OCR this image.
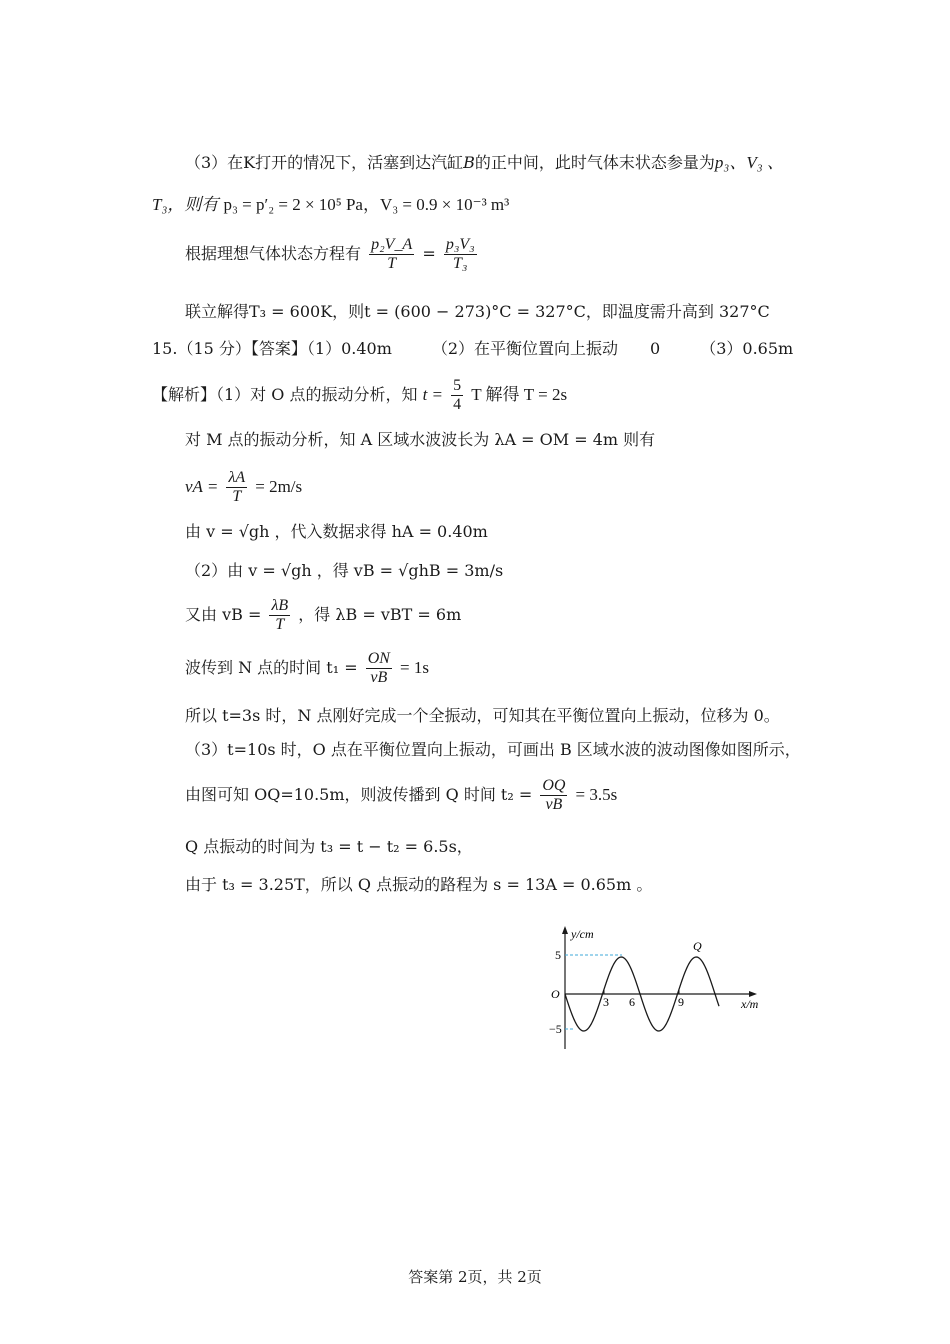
（3）在K打开的情况下，活塞到达汽缸B的正中间，此时气体末状态参量为p₃、V₃ 、
T₃，则有 p₃ = p′₂ = 2 × 10⁵ Pa，V₃ = 0.9 × 10⁻³ m³
根据理想气体状态方程有 $\frac{\text{p₂V\_A}}{T} = \frac{\text{p₃V₃}}{\text{T₃}}$
联立解得T₃ = 600K，则t = (600 − 273)°C = 327°C，即温度需升高到 327°C
15.（15 分）【答案】（1）0.40m　　　（2）在平衡位置向上振动　　0　　　（3）0.65m
【解析】（1）对 O 点的振动分析，知 $t = \frac{5}{4}$ T 解得 T = 2s
对 M 点的振动分析，知 A 区域水波波长为 λA = OM = 4m 则有
vA = $\frac{\lambda A}{T} = 2m/s$
由 v = √gh ，代入数据求得 hA = 0.40m
（2）由 v = √gh ，得 vB = √ghB = 3m/s
又由 vB = $\frac{\lambda B}{T}$ ，得 λB = vBT = 6m
波传到 N 点的时间 $t_1 = \frac{ON}{vB} = 1s$
所以 t=3s 时，N 点刚好完成一个全振动，可知其在平衡位置向上振动，位移为 0。
（3）t=10s 时，O 点在平衡位置向上振动，可画出 B 区域水波的波动图像如图所示，
由图可知 OQ=10.5m，则波传播到 Q 时间 $t_2 = \frac{OQ}{vB} = 3.5s$
Q 点振动的时间为 t₃ = t − t₂ = 6.5s，
由于 t₃ = 3.25T，所以 Q 点振动的路程为 s = 13A = 0.65m 。
y/cm
x/m
O
5
−5
3 6	9
Q
答案第 2页，共 2页
